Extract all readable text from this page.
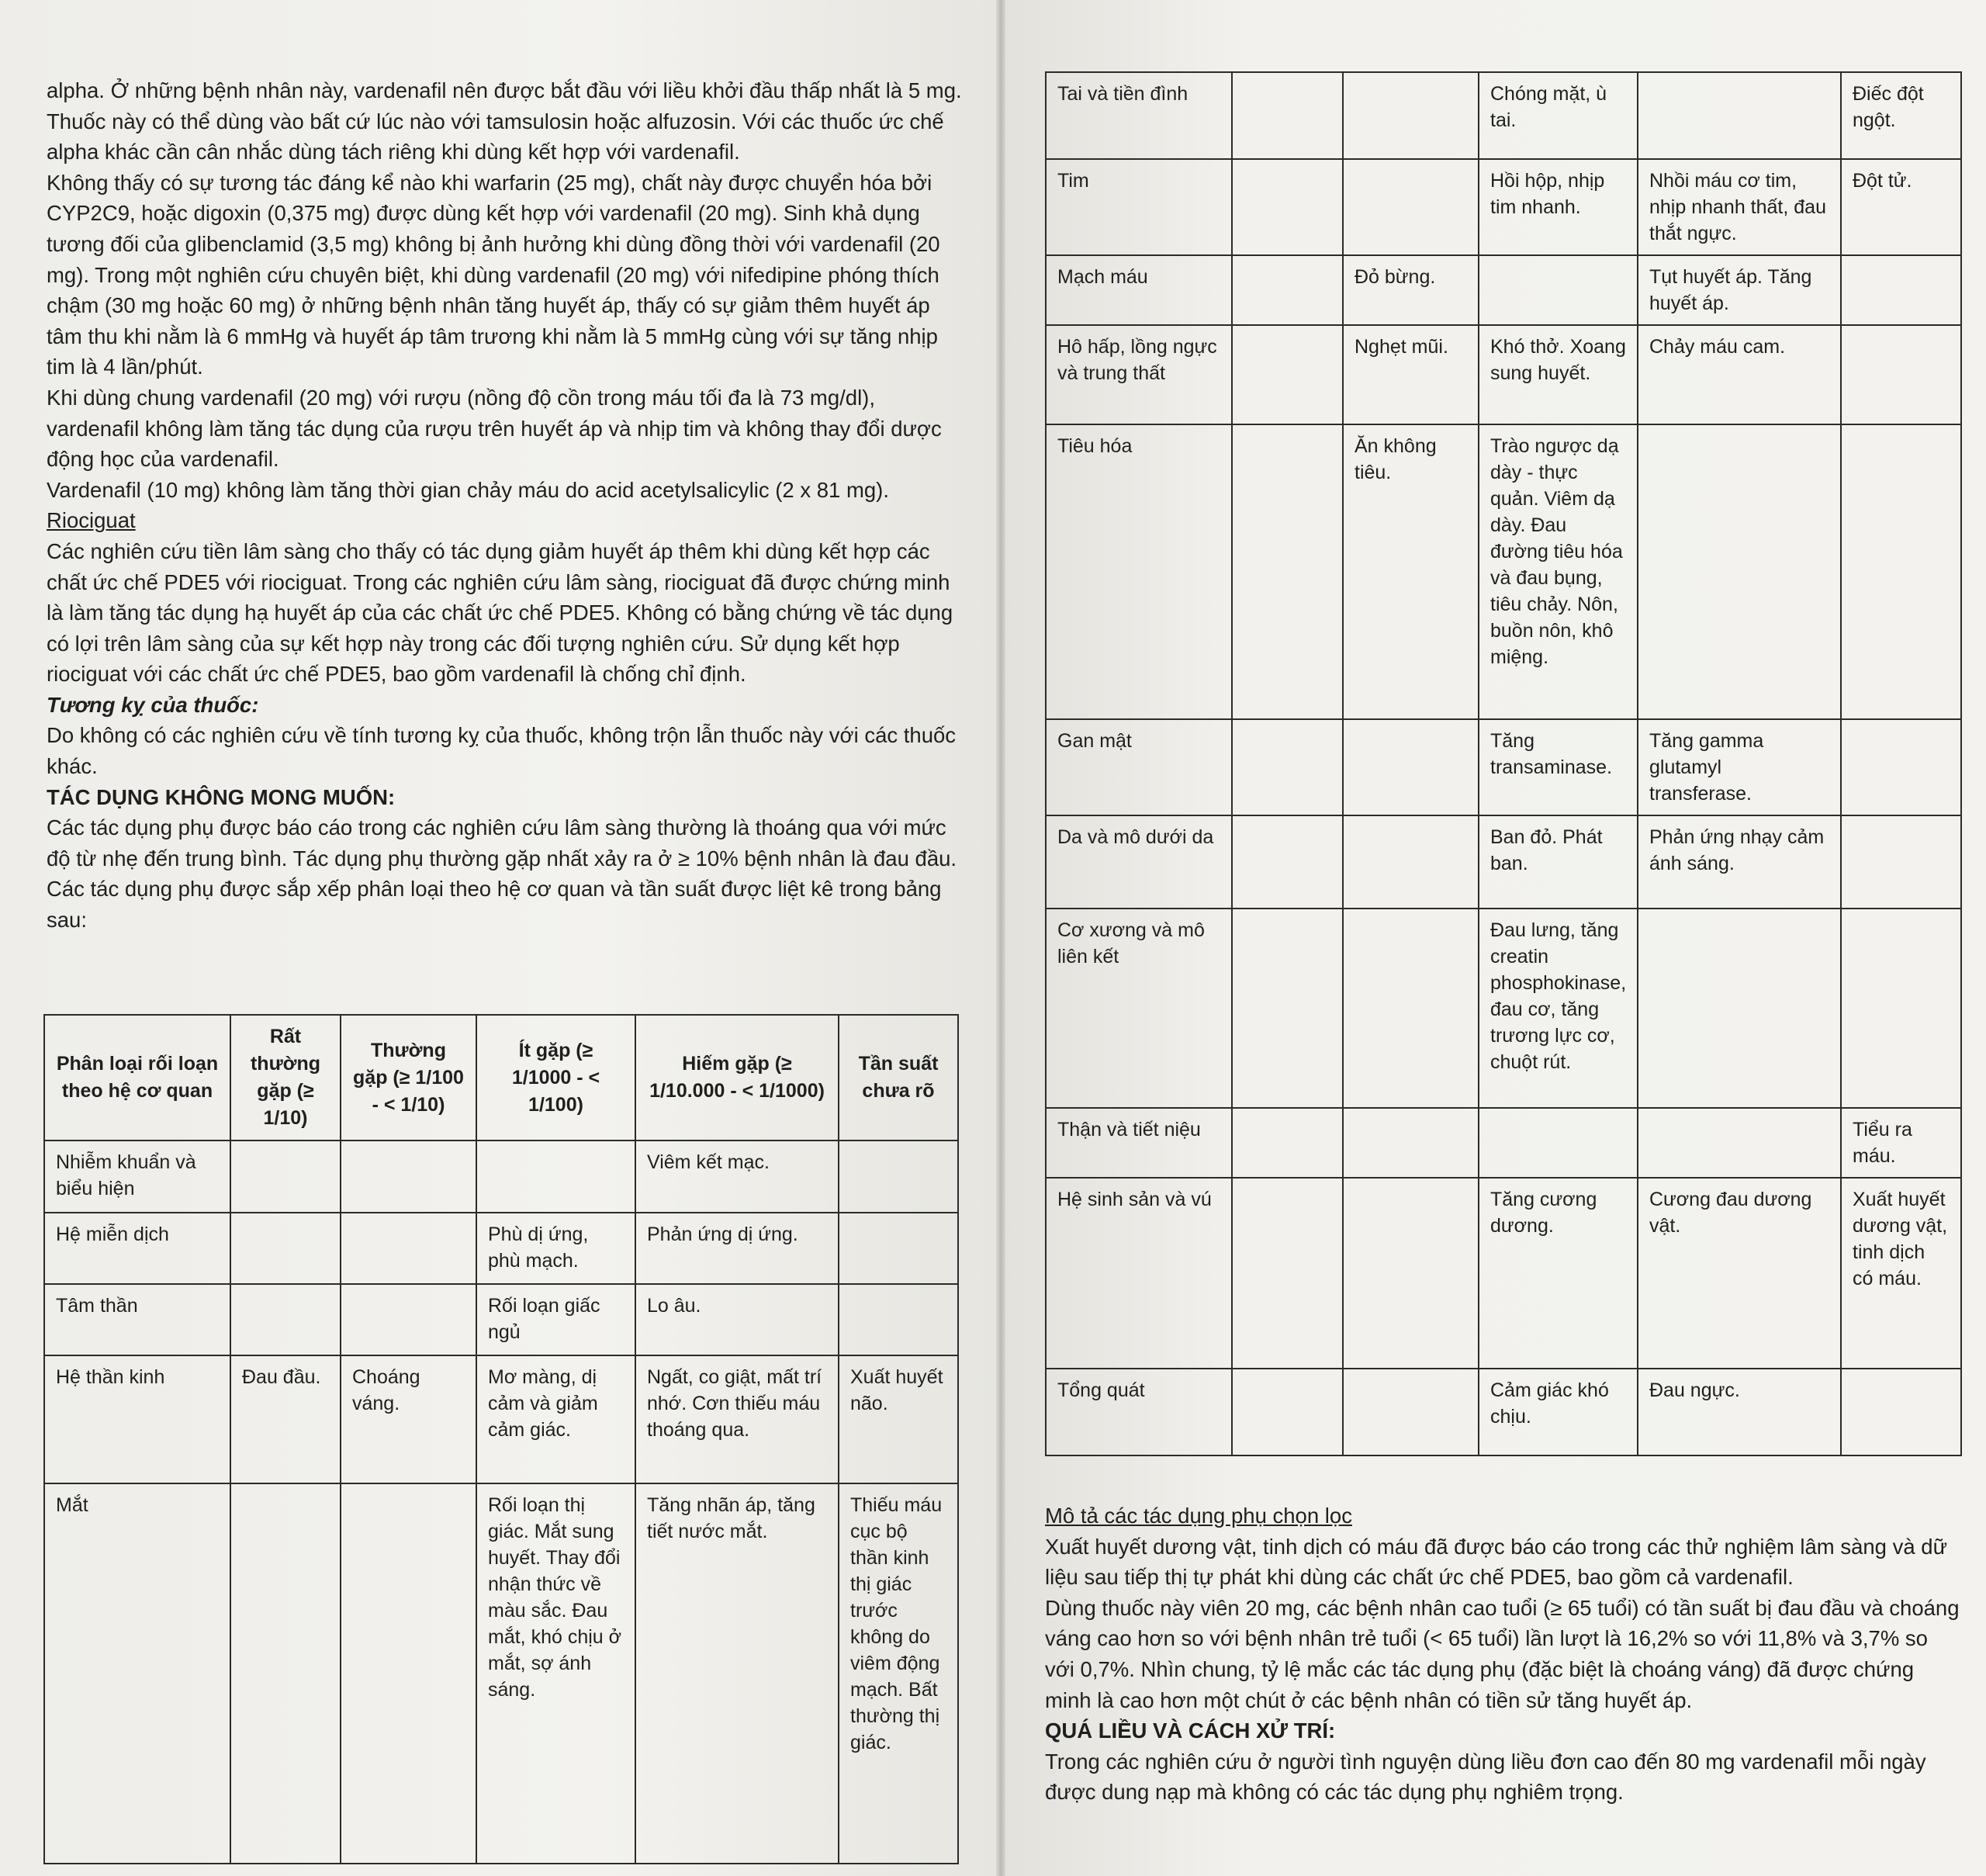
alpha. Ở những bệnh nhân này, vardenafil nên được bắt đầu với liều khởi đầu thấp nhất là 5 mg. Thuốc này có thể dùng vào bất cứ lúc nào với tamsulosin hoặc alfuzosin. Với các thuốc ức chế alpha khác cần cân nhắc dùng tách riêng khi dùng kết hợp với vardenafil.

Không thấy có sự tương tác đáng kể nào khi warfarin (25 mg), chất này được chuyển hóa bởi CYP2C9, hoặc digoxin (0,375 mg) được dùng kết hợp với vardenafil (20 mg). Sinh khả dụng tương đối của glibenclamid (3,5 mg) không bị ảnh hưởng khi dùng đồng thời với vardenafil (20 mg). Trong một nghiên cứu chuyên biệt, khi dùng vardenafil (20 mg) với nifedipine phóng thích chậm (30 mg hoặc 60 mg) ở những bệnh nhân tăng huyết áp, thấy có sự giảm thêm huyết áp tâm thu khi nằm là 6 mmHg và huyết áp tâm trương khi nằm là 5 mmHg cùng với sự tăng nhịp tim là 4 lần/phút.

Khi dùng chung vardenafil (20 mg) với rượu (nồng độ cồn trong máu tối đa là 73 mg/dl), vardenafil không làm tăng tác dụng của rượu trên huyết áp và nhịp tim và không thay đổi dược động học của vardenafil.

Vardenafil (10 mg) không làm tăng thời gian chảy máu do acid acetylsalicylic (2 x 81 mg).

Riociguat

Các nghiên cứu tiền lâm sàng cho thấy có tác dụng giảm huyết áp thêm khi dùng kết hợp các chất ức chế PDE5 với riociguat. Trong các nghiên cứu lâm sàng, riociguat đã được chứng minh là làm tăng tác dụng hạ huyết áp của các chất ức chế PDE5. Không có bằng chứng về tác dụng có lợi trên lâm sàng của sự kết hợp này trong các đối tượng nghiên cứu. Sử dụng kết hợp riociguat với các chất ức chế PDE5, bao gồm vardenafil là chống chỉ định.

Tương kỵ của thuốc:

Do không có các nghiên cứu về tính tương kỵ của thuốc, không trộn lẫn thuốc này với các thuốc khác.

TÁC DỤNG KHÔNG MONG MUỐN:

Các tác dụng phụ được báo cáo trong các nghiên cứu lâm sàng thường là thoáng qua với mức độ từ nhẹ đến trung bình. Tác dụng phụ thường gặp nhất xảy ra ở ≥ 10% bệnh nhân là đau đầu.

Các tác dụng phụ được sắp xếp phân loại theo hệ cơ quan và tần suất được liệt kê trong bảng sau:

Phân loại rối loạn theo hệ cơ quan	Rất thường gặp (≥ 1/10)	Thường gặp (≥ 1/100 - < 1/10)	Ít gặp (≥ 1/1000 - < 1/100)	Hiếm gặp (≥ 1/10.000 - < 1/1000)	Tần suất chưa rõ
Nhiễm khuẩn và biểu hiện				Viêm kết mạc.	
Hệ miễn dịch			Phù dị ứng, phù mạch.	Phản ứng dị ứng.	
Tâm thần			Rối loạn giấc ngủ	Lo âu.	
Hệ thần kinh	Đau đầu.	Choáng váng.	Mơ màng, dị cảm và giảm cảm giác.	Ngất, co giật, mất trí nhớ. Cơn thiếu máu thoáng qua.	Xuất huyết não.
Mắt			Rối loạn thị giác. Mắt sung huyết. Thay đổi nhận thức về màu sắc. Đau mắt, khó chịu ở mắt, sợ ánh sáng.	Tăng nhãn áp, tăng tiết nước mắt.	Thiếu máu cục bộ thần kinh thị giác trước không do viêm động mạch. Bất thường thị giác.
Tai và tiền đình			Chóng mặt, ù tai.		Điếc đột ngột.
Tim			Hồi hộp, nhịp tim nhanh.	Nhồi máu cơ tim, nhịp nhanh thất, đau thắt ngực.	Đột tử.
Mạch máu		Đỏ bừng.		Tụt huyết áp. Tăng huyết áp.	
Hô hấp, lồng ngực và trung thất		Nghẹt mũi.	Khó thở. Xoang sung huyết.	Chảy máu cam.	
Tiêu hóa		Ăn không tiêu.	Trào ngược dạ dày - thực quản. Viêm dạ dày. Đau đường tiêu hóa và đau bụng, tiêu chảy. Nôn, buồn nôn, khô miệng.		
Gan mật			Tăng transaminase.	Tăng gamma glutamyl transferase.	
Da và mô dưới da			Ban đỏ. Phát ban.	Phản ứng nhạy cảm ánh sáng.	
Cơ xương và mô liên kết			Đau lưng, tăng creatin phosphokinase, đau cơ, tăng trương lực cơ, chuột rút.		
Thận và tiết niệu					Tiểu ra máu.
Hệ sinh sản và vú			Tăng cương dương.	Cương đau dương vật.	Xuất huyết dương vật, tinh dịch có máu.
Tổng quát			Cảm giác khó chịu.	Đau ngực.	

Mô tả các tác dụng phụ chọn lọc

Xuất huyết dương vật, tinh dịch có máu đã được báo cáo trong các thử nghiệm lâm sàng và dữ liệu sau tiếp thị tự phát khi dùng các chất ức chế PDE5, bao gồm cả vardenafil.

Dùng thuốc này viên 20 mg, các bệnh nhân cao tuổi (≥ 65 tuổi) có tần suất bị đau đầu và choáng váng cao hơn so với bệnh nhân trẻ tuổi (< 65 tuổi) lần lượt là 16,2% so với 11,8% và 3,7% so với 0,7%. Nhìn chung, tỷ lệ mắc các tác dụng phụ (đặc biệt là choáng váng) đã được chứng minh là cao hơn một chút ở các bệnh nhân có tiền sử tăng huyết áp.

QUÁ LIỀU VÀ CÁCH XỬ TRÍ:

Trong các nghiên cứu ở người tình nguyện dùng liều đơn cao đến 80 mg vardenafil mỗi ngày được dung nạp mà không có các tác dụng phụ nghiêm trọng.
